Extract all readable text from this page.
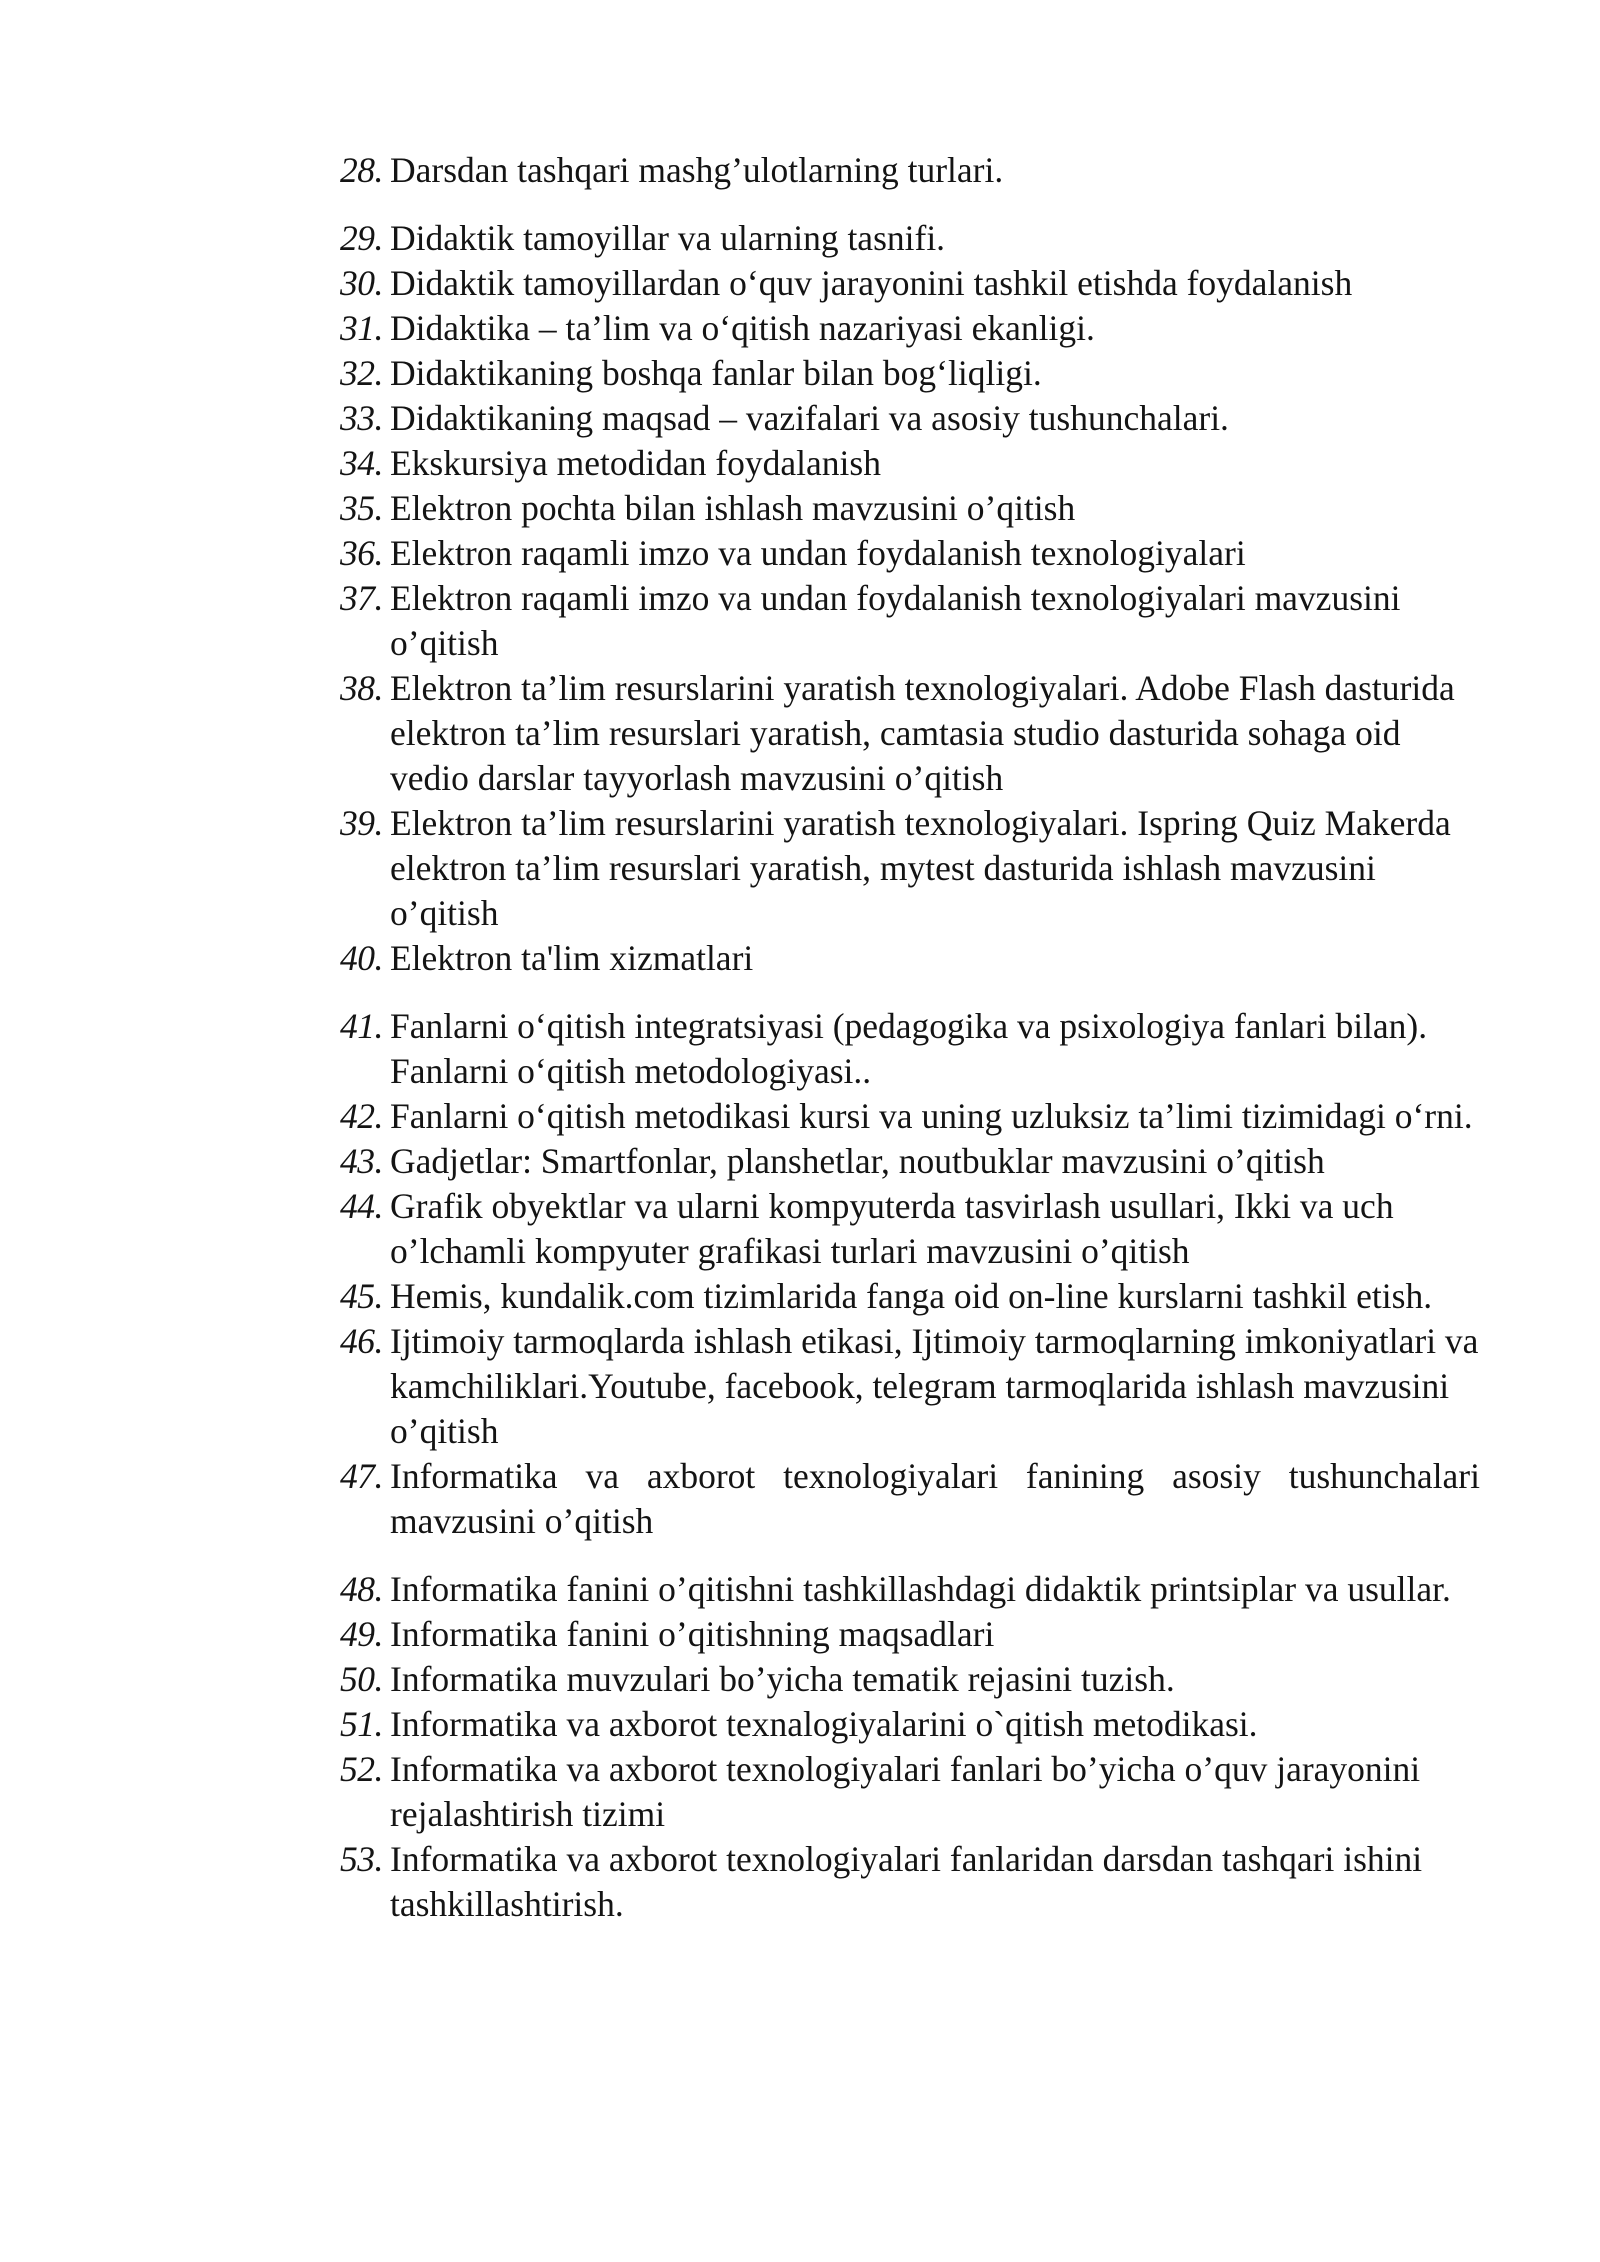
28. Darsdan tashqari mashg’ulotlarning turlari.
29. Didaktik tamoyillar va ularning tasnifi.
30. Didaktik tamoyillardan o‘quv jarayonini tashkil etishda foydalanish
31. Didaktika – ta’lim va o‘qitish nazariyasi ekanligi.
32. Didaktikaning boshqa fanlar bilan bog‘liqligi.
33. Didaktikaning maqsad – vazifalari va asosiy tushunchalari.
34. Ekskursiya metodidan foydalanish
35. Elektron pochta bilan ishlash mavzusini o’qitish
36. Elektron raqamli imzo va undan foydalanish texnologiyalari
37. Elektron raqamli imzo va undan foydalanish texnologiyalari mavzusini o’qitish
38. Elektron ta’lim resurslarini yaratish texnologiyalari. Adobe Flash dasturida elektron ta’lim resurslari yaratish, camtasia studio dasturida sohaga oid vedio darslar tayyorlash mavzusini o’qitish
39. Elektron ta’lim resurslarini yaratish texnologiyalari. Ispring Quiz Makerda elektron ta’lim resurslari yaratish, mytest dasturida ishlash mavzusini o’qitish
40. Elektron ta'lim xizmatlari
41. Fanlarni o‘qitish integratsiyasi (pedagogika va psixologiya fanlari bilan). Fanlarni o‘qitish metodologiyasi..
42. Fanlarni o‘qitish metodikasi kursi va uning uzluksiz ta’limi tizimidagi o‘rni.
43. Gadjetlar: Smartfonlar, planshetlar, noutbuklar mavzusini o’qitish
44. Grafik obyektlar va ularni kompyuterda tasvirlash usullari, Ikki va uch o’lchamli kompyuter grafikasi turlari mavzusini o’qitish
45. Hemis, kundalik.com tizimlarida fanga oid on-line kurslarni tashkil etish.
46. Ijtimoiy tarmoqlarda ishlash etikasi, Ijtimoiy tarmoqlarning imkoniyatlari va kamchiliklari.Youtube, facebook, telegram tarmoqlarida ishlash mavzusini o’qitish
47. Informatika va axborot texnologiyalari fanining asosiy tushunchalari mavzusini o’qitish
48. Informatika fanini o’qitishni tashkillashdagi didaktik printsiplar va usullar.
49. Informatika fanini o’qitishning maqsadlari
50. Informatika muvzulari bo’yicha tematik rejasini tuzish.
51. Informatika va axborot texnalogiyalarini o`qitish metodikasi.
52. Informatika va axborot texnologiyalari fanlari bo’yicha o’quv jarayonini rejalashtirish tizimi
53. Informatika va axborot texnologiyalari fanlaridan darsdan tashqari ishini tashkillashtirish.
